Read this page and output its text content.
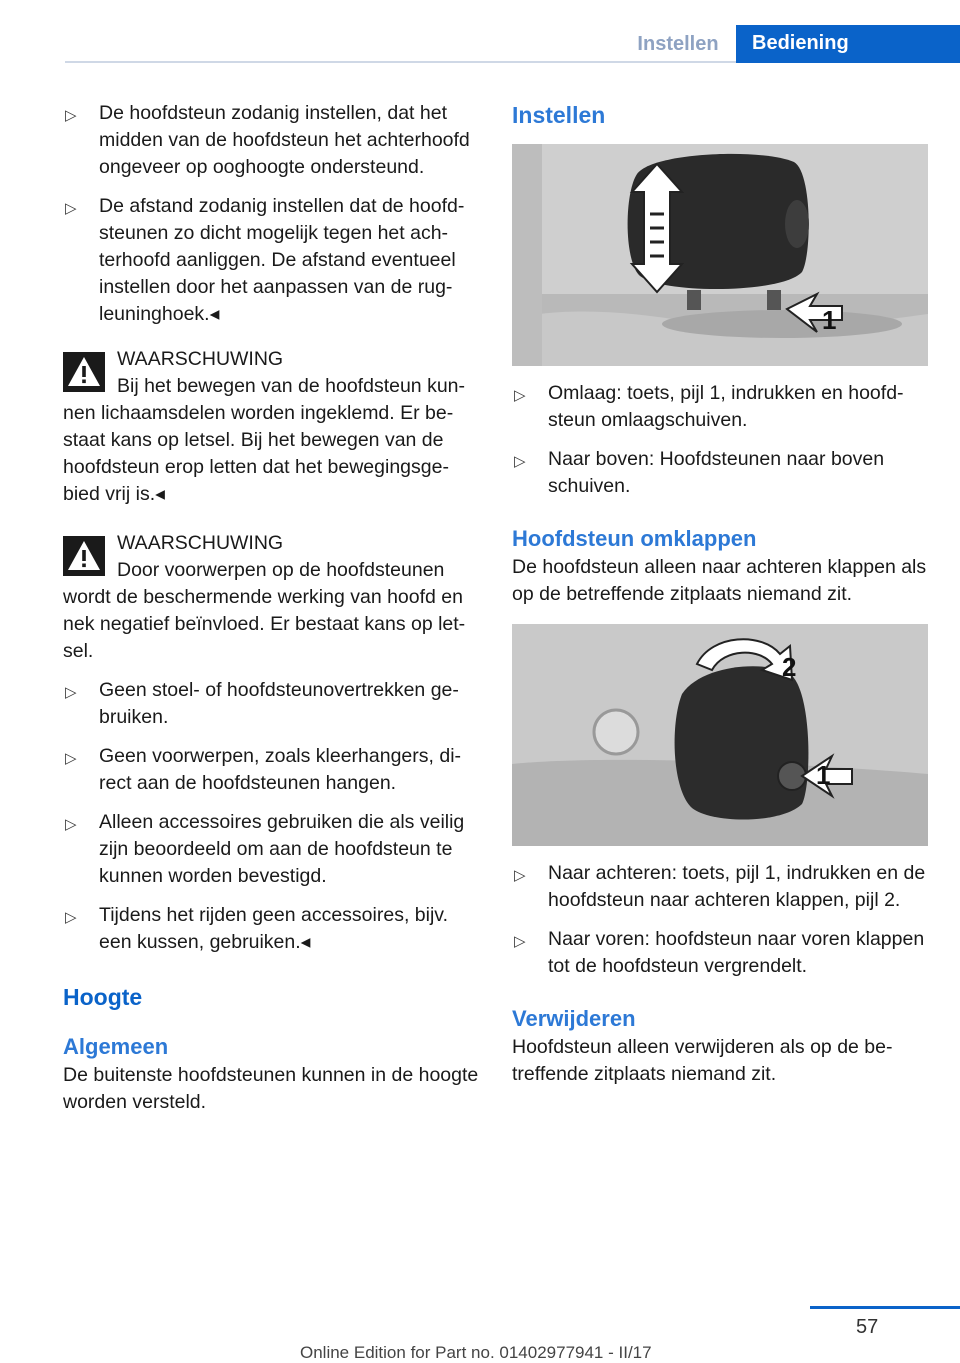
Instellen	Bediening
▷ De hoofdsteun zodanig instellen, dat het midden van de hoofdsteun het achterhoofd ongeveer op ooghoogte ondersteund.
▷ De afstand zodanig instellen dat de hoofd-steunen zo dicht mogelijk tegen het ach-terhoofd aanliggen. De afstand eventueel instellen door het aanpassen van de rug-leuninghoek.◂
WAARSCHUWING

Bij het bewegen van de hoofdsteun kun-nen lichaamsdelen worden ingeklemd. Er be-staat kans op letsel. Bij het bewegen van de hoofdsteun erop letten dat het bewegingsge-bied vrij is.◂

WAARSCHUWING

Door voorwerpen op de hoofdsteunen wordt de beschermende werking van hoofd en nek negatief beïnvloed. Er bestaat kans op let-sel.

▷ Geen stoel- of hoofdsteunovertrekken ge-bruiken.
▷ Geen voorwerpen, zoals kleerhangers, di-rect aan de hoofdsteunen hangen.
▷ Alleen accessoires gebruiken die als veilig zijn beoordeeld om aan de hoofdsteun te kunnen worden bevestigd.
▷ Tijdens het rijden geen accessoires, bijv. een kussen, gebruiken.◂
Hoogte
Algemeen

De buitenste hoofdsteunen kunnen in de hoogte worden versteld.

Instellen
1
▷ Omlaag: toets, pijl 1, indrukken en hoofd-steun omlaagschuiven.
▷ Naar boven: Hoofdsteunen naar boven schuiven.
Hoofdsteun omklappen

De hoofdsteun alleen naar achteren klappen als op de betreffende zitplaats niemand zit.

2
1
▷ Naar achteren: toets, pijl 1, indrukken en de hoofdsteun naar achteren klappen, pijl 2.
▷ Naar voren: hoofdsteun naar voren klappen tot de hoofdsteun vergrendelt.
Verwijderen

Hoofdsteun alleen verwijderen als op de be-treffende zitplaats niemand zit.

57
Online Edition for Part no. 01402977941 - II/17
